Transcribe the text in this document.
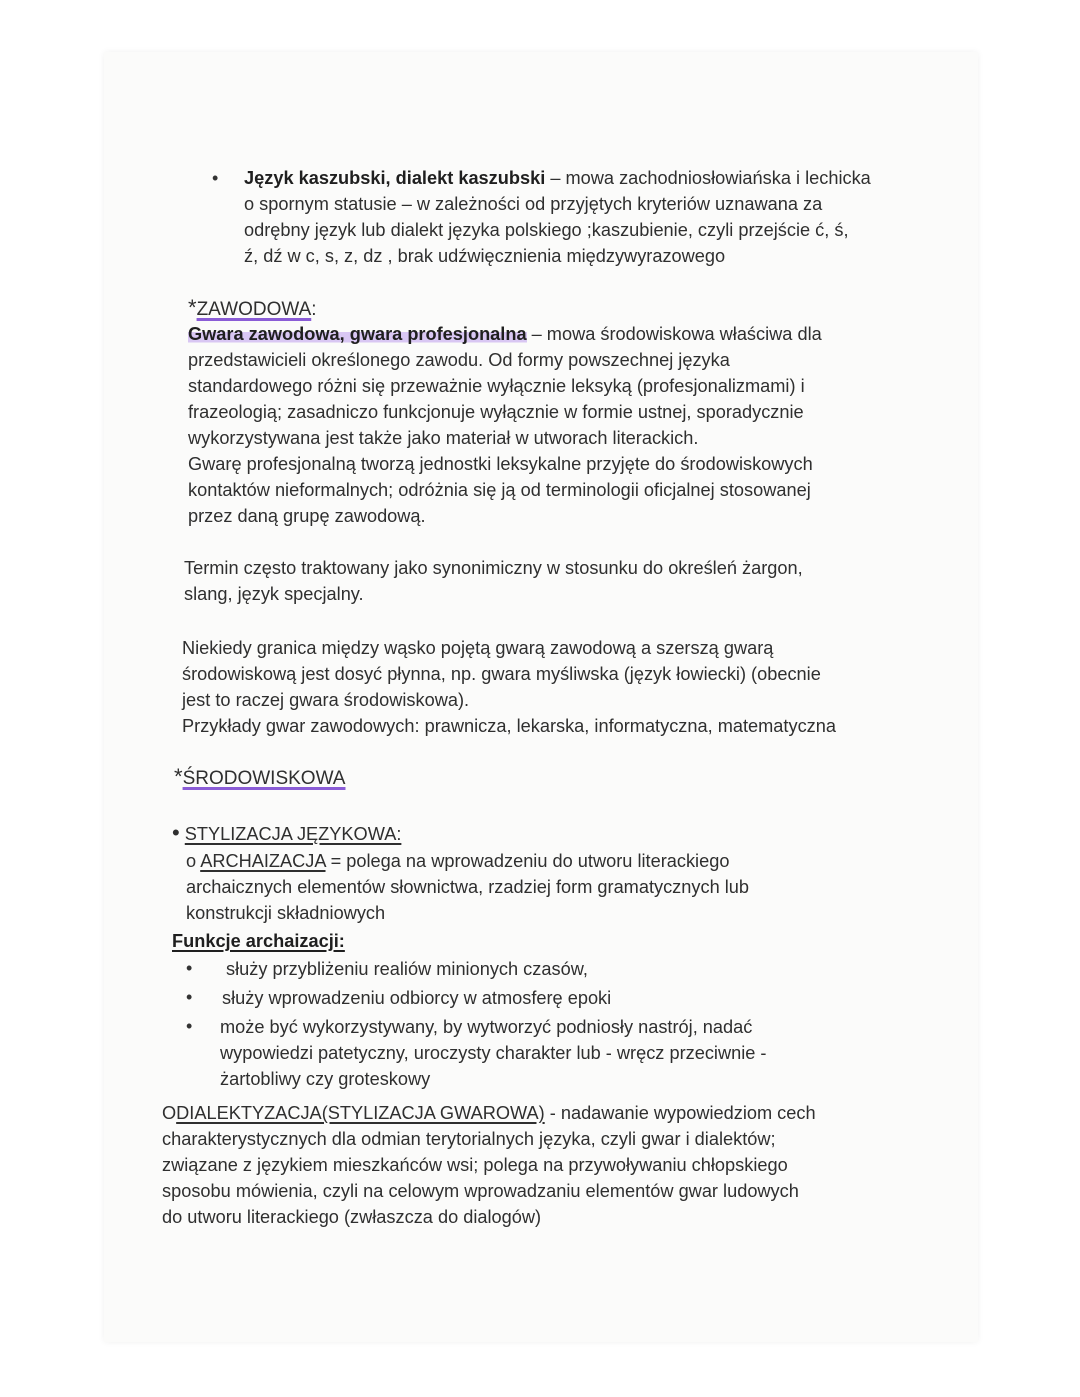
• Język kaszubski, dialekt kaszubski – mowa zachodniosłowiańska i lechicka
o spornym statusie – w zależności od przyjętych kryteriów uznawana za
odrębny język lub dialekt języka polskiego ;kaszubienie, czyli przejście ć, ś,
ź, dź w c, s, z, dz , brak udźwięcznienia międzywyrazowego
*ZAWODOWA:
Gwara zawodowa, gwara profesjonalna – mowa środowiskowa właściwa dla
przedstawicieli określonego zawodu. Od formy powszechnej języka
standardowego różni się przeważnie wyłącznie leksyką (profesjonalizmami) i
frazeologią; zasadniczo funkcjonuje wyłącznie w formie ustnej, sporadycznie
wykorzystywana jest także jako materiał w utworach literackich.
Gwarę profesjonalną tworzą jednostki leksykalne przyjęte do środowiskowych
kontaktów nieformalnych; odróżnia się ją od terminologii oficjalnej stosowanej
przez daną grupę zawodową.
Termin często traktowany jako synonimiczny w stosunku do określeń żargon,
slang, język specjalny.
Niekiedy granica między wąsko pojętą gwarą zawodową a szerszą gwarą
środowiskową jest dosyć płynna, np. gwara myśliwska (język łowiecki) (obecnie
jest to raczej gwara środowiskowa).
Przykłady gwar zawodowych: prawnicza, lekarska, informatyczna, matematyczna
*ŚRODOWISKOWA
• STYLIZACJA JĘZYKOWA:
o ARCHAIZACJA = polega na wprowadzeniu do utworu literackiego
archaicznych elementów słownictwa, rzadziej form gramatycznych lub
konstrukcji składniowych
Funkcje archaizacji:
• służy przybliżeniu realiów minionych czasów,
• służy wprowadzeniu odbiorcy w atmosferę epoki
• może być wykorzystywany, by wytworzyć podniosły nastrój, nadać
wypowiedzi patetyczny, uroczysty charakter lub - wręcz przeciwnie -
żartobliwy czy groteskowy
ODIALEKTYZACJA(STYLIZACJA GWAROWA) - nadawanie wypowiedziom cech
charakterystycznych dla odmian terytorialnych języka, czyli gwar i dialektów;
związane z językiem mieszkańców wsi; polega na przywoływaniu chłopskiego
sposobu mówienia, czyli na celowym wprowadzaniu elementów gwar ludowych
do utworu literackiego (zwłaszcza do dialogów)
